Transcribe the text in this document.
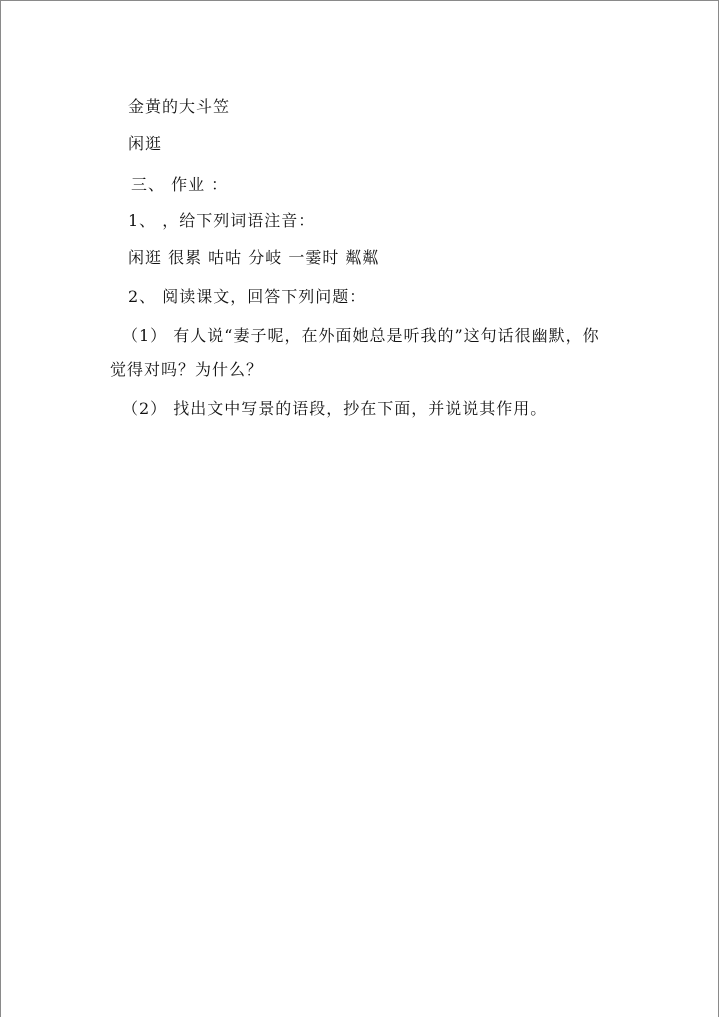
金黄的大斗笠
闲逛
三、 作业 ：
1、 ，给下列词语注音：
闲逛 很累 咕咕 分岐 一霎时 粼粼
2、 阅读课文，回答下列问题：
（1） 有人说“妻子呢，在外面她总是听我的”这句话很幽默，你
觉得对吗？为什么？
（2） 找出文中写景的语段，抄在下面，并说说其作用。
